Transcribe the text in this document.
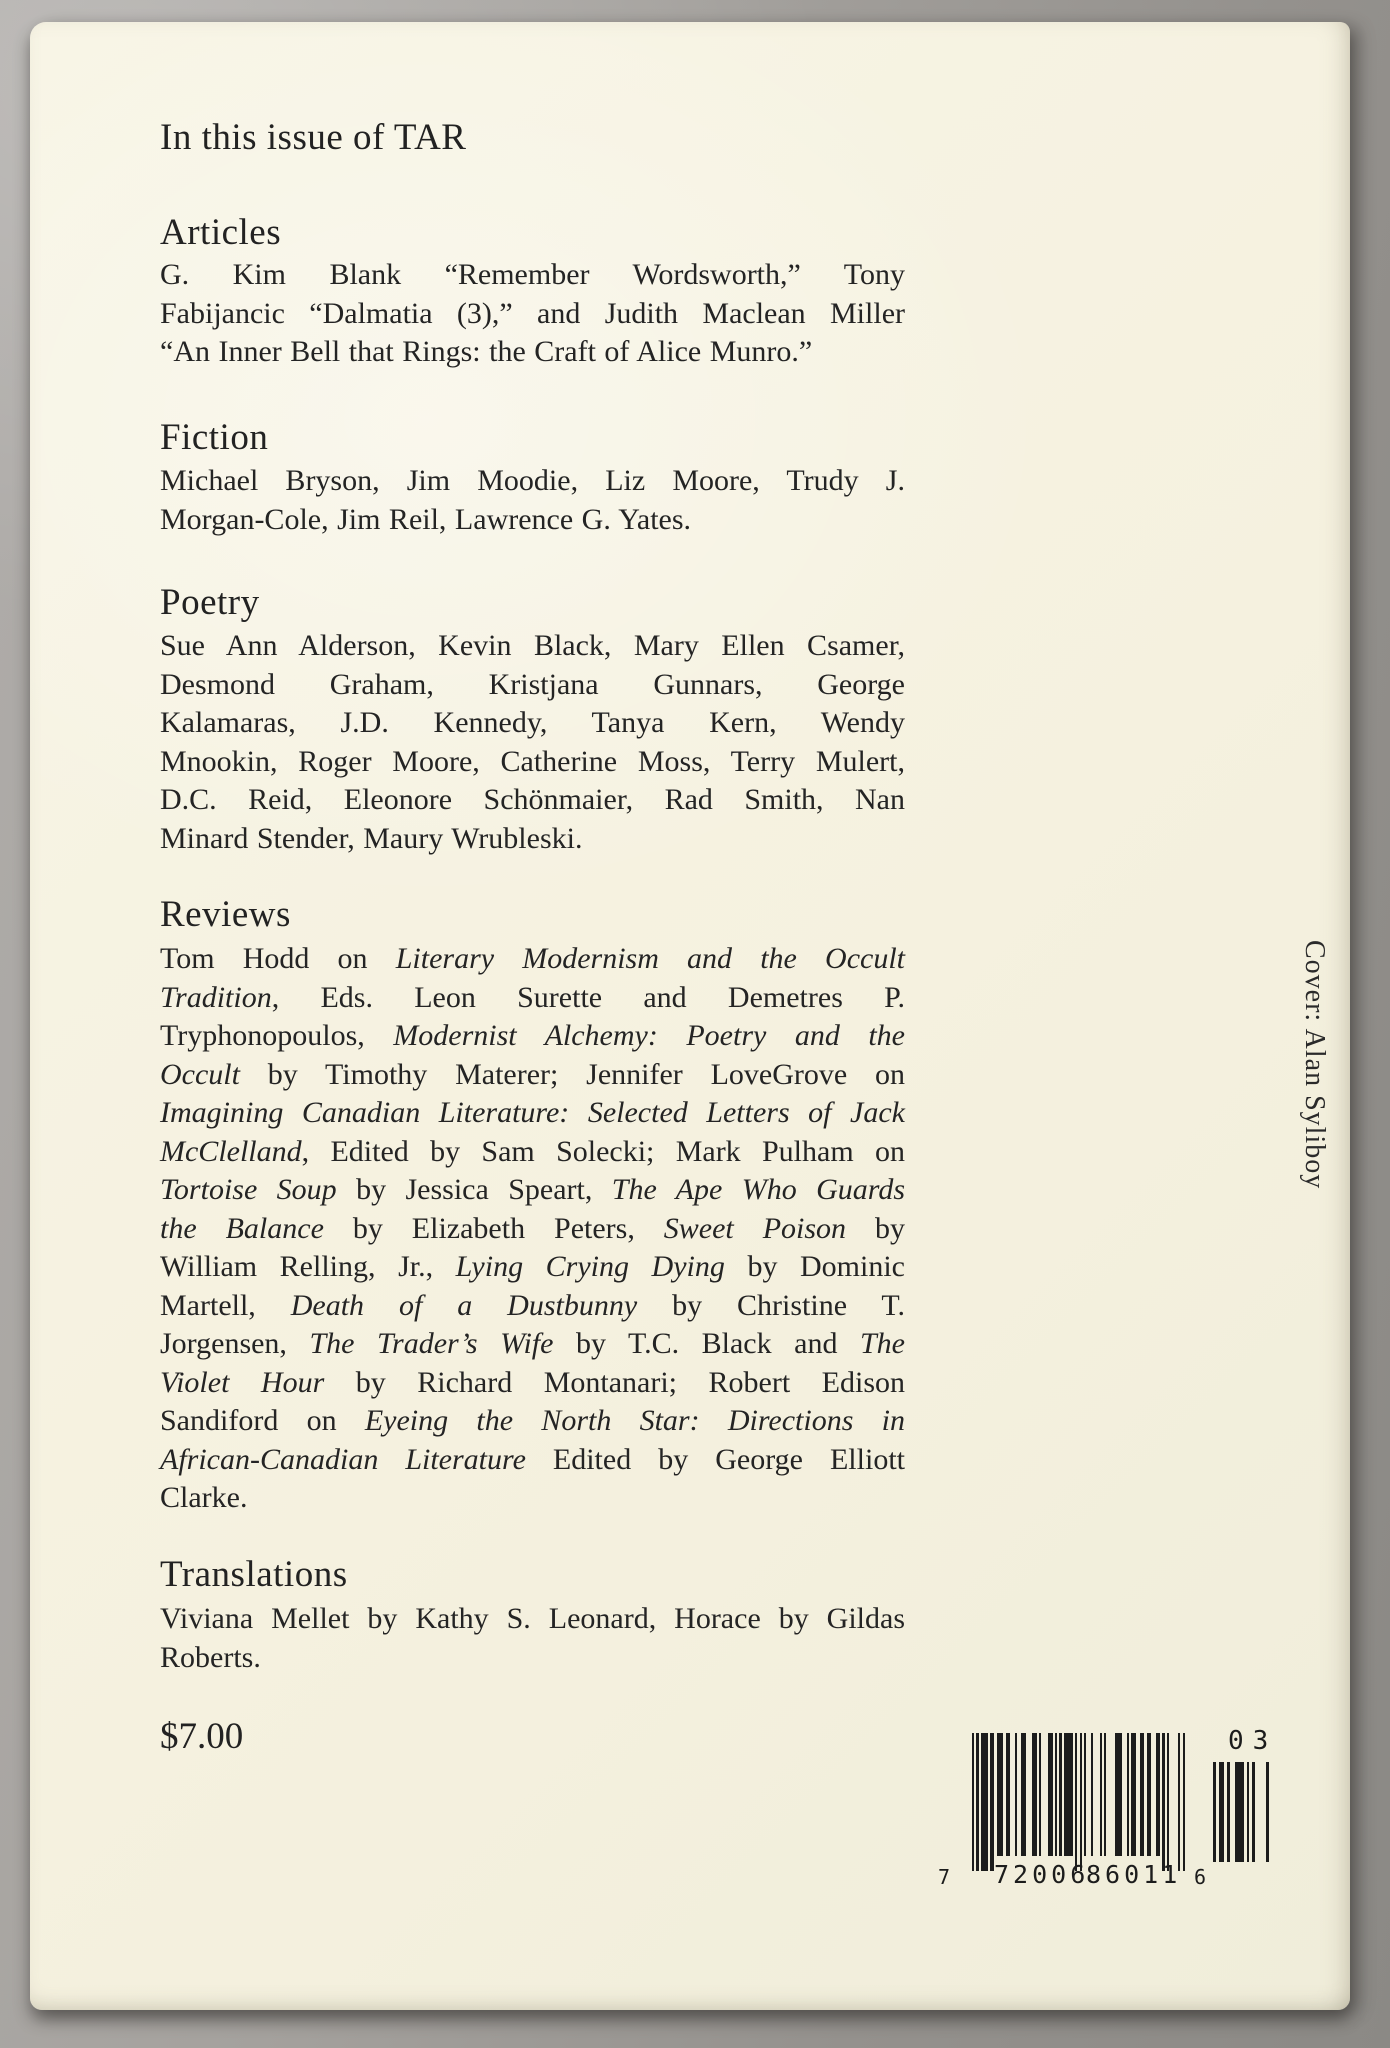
In this issue of TAR
Articles
G. Kim Blank “Remember Wordsworth,” Tony
Fabijancic “Dalmatia (3),” and Judith Maclean Miller
“An Inner Bell that Rings: the Craft of Alice Munro.”
Fiction
Michael Bryson, Jim Moodie, Liz Moore, Trudy J.
Morgan-Cole, Jim Reil, Lawrence G. Yates.
Poetry
Sue Ann Alderson, Kevin Black, Mary Ellen Csamer,
Desmond Graham, Kristjana Gunnars, George
Kalamaras, J.D. Kennedy, Tanya Kern, Wendy
Mnookin, Roger Moore, Catherine Moss, Terry Mulert,
D.C. Reid, Eleonore Schönmaier, Rad Smith, Nan
Minard Stender, Maury Wrubleski.
Reviews
Tom Hodd on Literary Modernism and the Occult
Tradition, Eds. Leon Surette and Demetres P.
Tryphonopoulos, Modernist Alchemy: Poetry and the
Occult by Timothy Materer; Jennifer LoveGrove on
Imagining Canadian Literature: Selected Letters of Jack
McClelland, Edited by Sam Solecki; Mark Pulham on
Tortoise Soup by Jessica Speart, The Ape Who Guards
the Balance by Elizabeth Peters, Sweet Poison by
William Relling, Jr., Lying Crying Dying by Dominic
Martell, Death of a Dustbunny by Christine T.
Jorgensen, The Trader’s Wife by T.C. Black and The
Violet Hour by Richard Montanari; Robert Edison
Sandiford on Eyeing the North Star: Directions in
African-Canadian Literature Edited by George Elliott
Clarke.
Translations
Viviana Mellet by Kathy S. Leonard, Horace by Gildas
Roberts.
$7.00
Cover: Alan Syliboy
7 72006
86011 6
03
